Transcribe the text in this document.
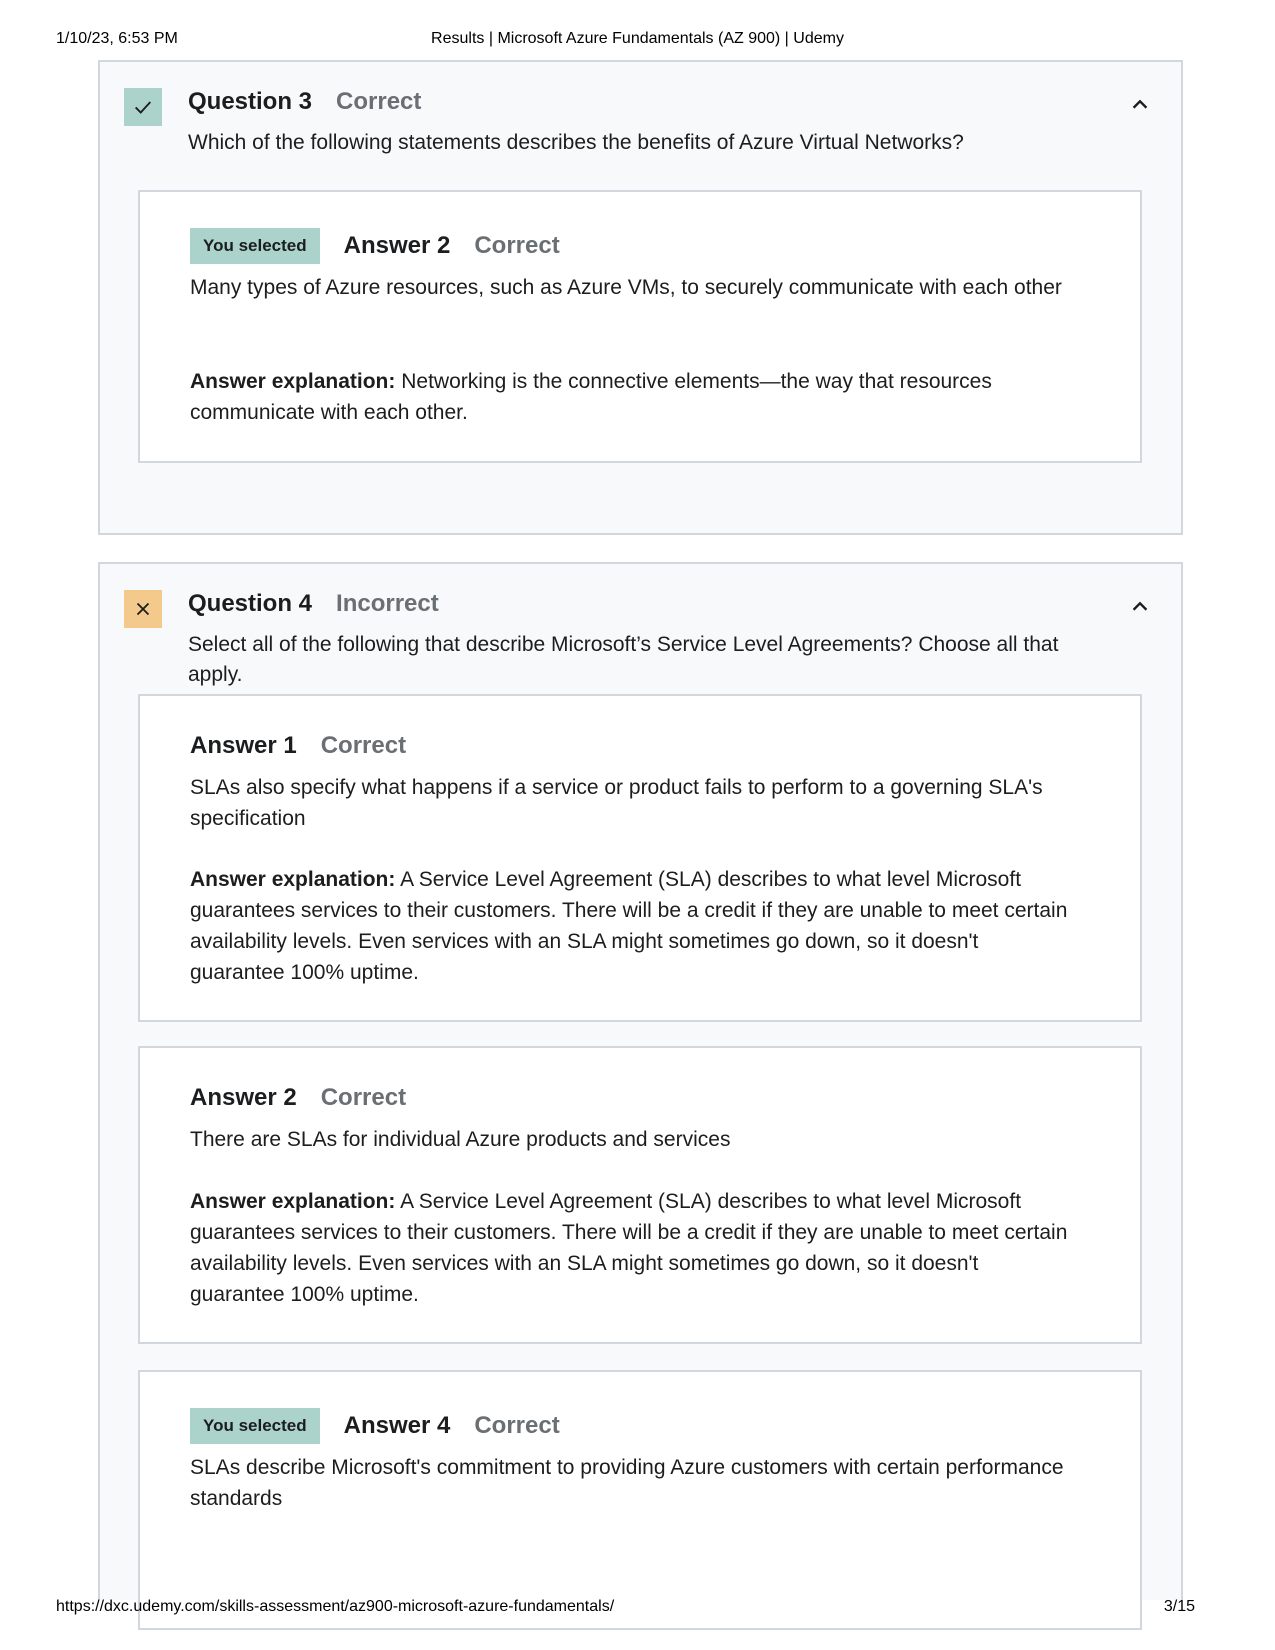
1/10/23, 6:53 PM	Results | Microsoft Azure Fundamentals (AZ 900) | Udemy
Question 3 Correct
Which of the following statements describes the benefits of Azure Virtual Networks?
You selected	Answer 2 Correct
Many types of Azure resources, such as Azure VMs, to securely communicate with each other
Answer explanation: Networking is the connective elements—the way that resources communicate with each other.
Question 4 Incorrect
Select all of the following that describe Microsoft’s Service Level Agreements? Choose all that apply.
Answer 1 Correct
SLAs also specify what happens if a service or product fails to perform to a governing SLA's specification
Answer explanation: A Service Level Agreement (SLA) describes to what level Microsoft guarantees services to their customers. There will be a credit if they are unable to meet certain availability levels. Even services with an SLA might sometimes go down, so it doesn't guarantee 100% uptime.
Answer 2 Correct
There are SLAs for individual Azure products and services
Answer explanation: A Service Level Agreement (SLA) describes to what level Microsoft guarantees services to their customers. There will be a credit if they are unable to meet certain availability levels. Even services with an SLA might sometimes go down, so it doesn't guarantee 100% uptime.
You selected	Answer 4 Correct
SLAs describe Microsoft's commitment to providing Azure customers with certain performance standards
https://dxc.udemy.com/skills-assessment/az900-microsoft-azure-fundamentals/	3/15
